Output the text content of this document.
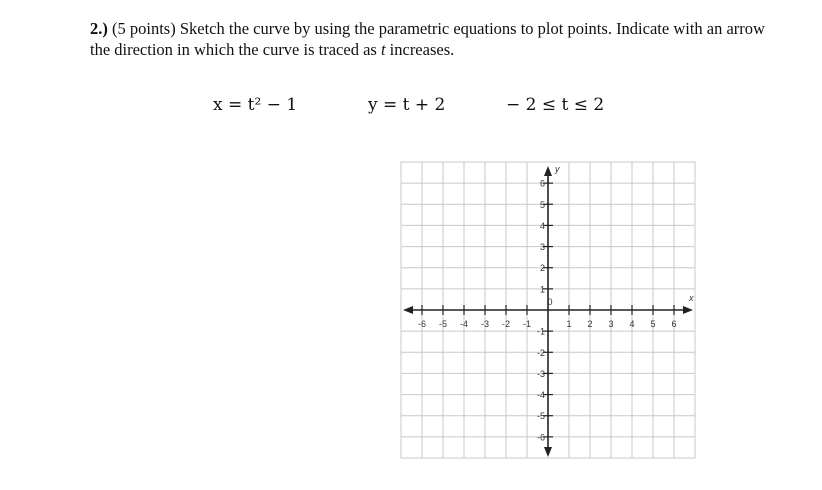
2.) (5 points) Sketch the curve by using the parametric equations to plot points. Indicate with an arrow the direction in which the curve is traced as t increases.
x = t² − 1	y = t + 2	− 2 ≤ t ≤ 2
-6 -5 -4 -3 -2 -1	1 2 3 4 5 6
6
5
4
3
2
1
-1
-2
-3
-4
-5
-6
0	x
y
